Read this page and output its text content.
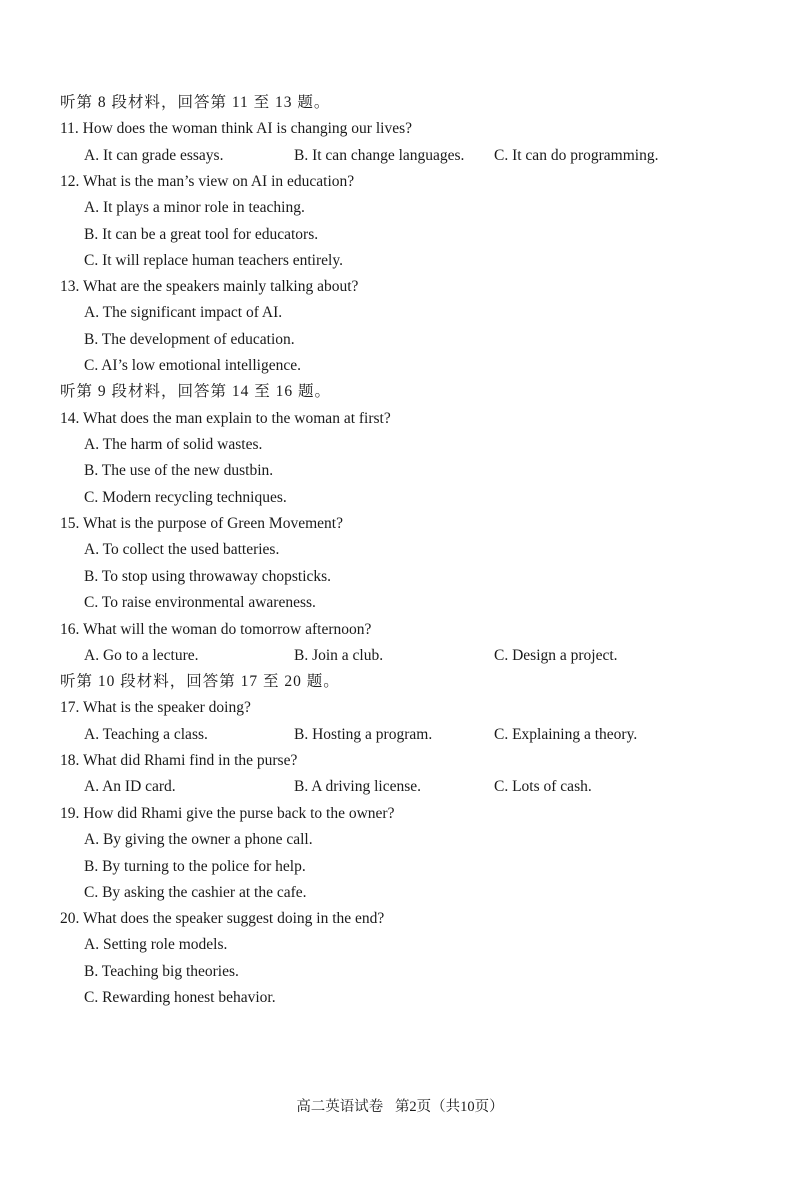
听第 8 段材料，回答第 11 至 13 题。
11. How does the woman think AI is changing our lives?
A. It can grade essays.	B. It can change languages. C. It can do programming.
12. What is the man’s view on AI in education?
A. It plays a minor role in teaching.
B. It can be a great tool for educators.
C. It will replace human teachers entirely.
13. What are the speakers mainly talking about?
A. The significant impact of AI.
B. The development of education.
C. AI’s low emotional intelligence.
听第 9 段材料，回答第 14 至 16 题。
14. What does the man explain to the woman at first?
A. The harm of solid wastes.
B. The use of the new dustbin.
C. Modern recycling techniques.
15. What is the purpose of Green Movement?
A. To collect the used batteries.
B. To stop using throwaway chopsticks.
C. To raise environmental awareness.
16. What will the woman do tomorrow afternoon?
A. Go to a lecture.	B. Join a club.	C. Design a project.
听第 10 段材料，回答第 17 至 20 题。
17. What is the speaker doing?
A. Teaching a class.	B. Hosting a program.	C. Explaining a theory.
18. What did Rhami find in the purse?
A. An ID card.	B. A driving license.	C. Lots of cash.
19. How did Rhami give the purse back to the owner?
A. By giving the owner a phone call.
B. By turning to the police for help.
C. By asking the cashier at the cafe.
20. What does the speaker suggest doing in the end?
A. Setting role models.
B. Teaching big theories.
C. Rewarding honest behavior.
高二英语试卷 第2页（共10页）
